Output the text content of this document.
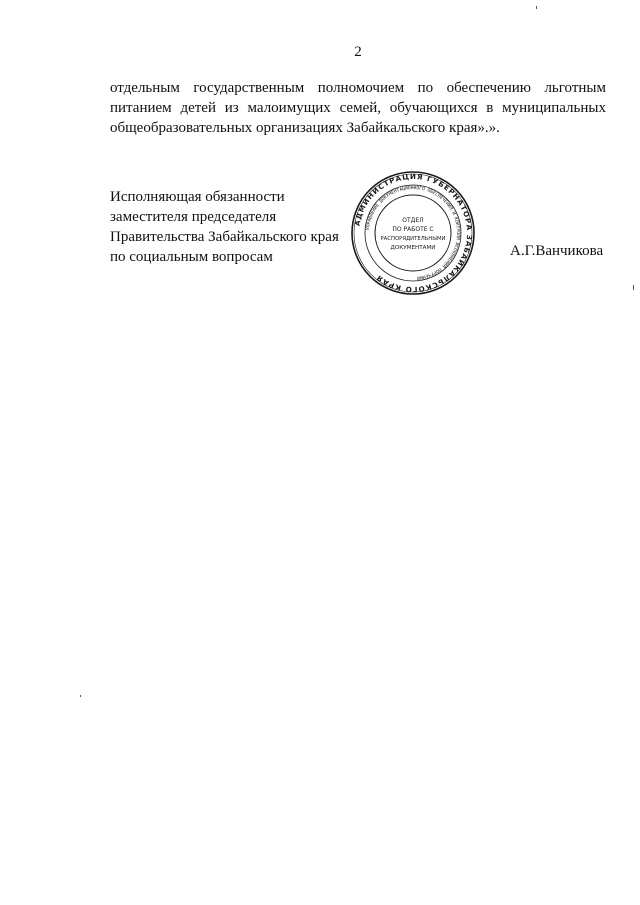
2
отдельным государственным полномочием по обеспечению льготным
питанием детей из малоимущих семей, обучающихся в муниципальных
общеобразовательных организациях Забайкальского края».».
Исполняющая обязанности
заместителя председателя
Правительства Забайкальского края
по социальным вопросам	А.Г.Ванчикова
АДМИНИСТРАЦИЯ ГУБЕРНАТОРА ЗАБАЙКАЛЬСКОГО КРАЯ
УПРАВЛЕНИЕ ДОКУМЕНТАЦИОННОГО ОБЕСПЕЧЕНИЯ И КОНТРОЛЯ ИСПОЛНЕНИЯ ПОРУЧЕНИЙ
ОТДЕЛ
ПО РАБОТЕ С
РАСПОРЯДИТЕЛЬНЫМИ
ДОКУМЕНТАМИ
